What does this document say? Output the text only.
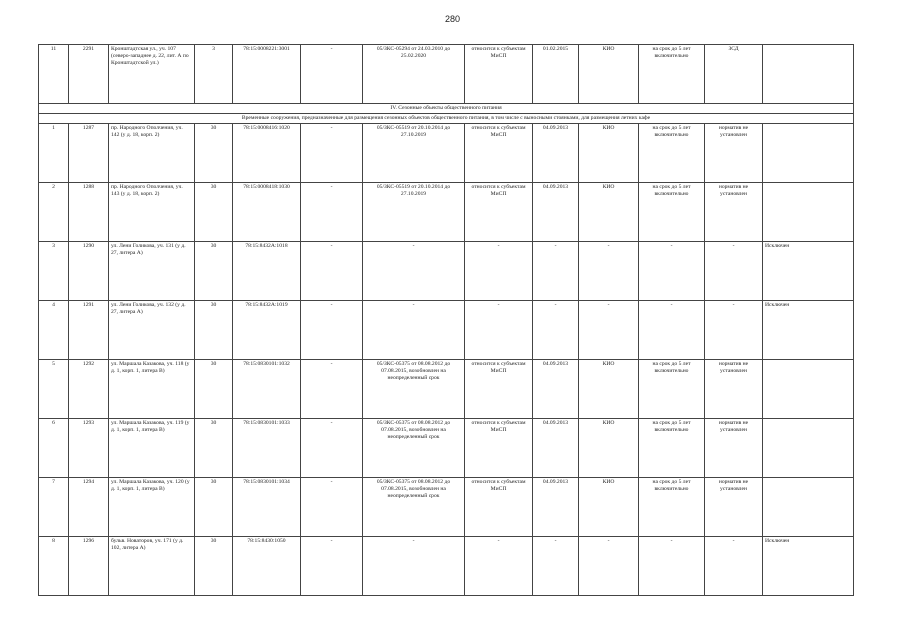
280
11	2291	Кронштадтская ул., уч. 107 (северо-западнее д. 22, лит. А по Кронштадтской ул.)	3	78:15:0008221:3001	-	05/ЗКС-05294 от 24.03.2010 до 25.02.2020	относится к субъектам МиСП	01.02.2015	КИО	на срок до 5 лет включительно	ЗСД	
IV. Сезонные объекты общественного питания												
Временные сооружения, предназначенные для размещения сезонных объектов общественного питания, в том числе с выносными стоянками, для размещения летних кафе												
1	1287	пр. Народного Ополчения, уч. 142 (у д. 18, корп. 2)	30	78:15:0008416:1020	-	05/ЗКС-05519 от 20.10.2014 до 27.10.2019	относится к субъектам МиСП	04.09.2013	КИО	на срок до 5 лет включительно	норматив не установлен	
2	1288	пр. Народного Ополчения, уч. 143 (у д. 18, корп. 2)	30	78:15:0008418:1030	-	05/ЗКС-05519 от 20.10.2014 до 27.10.2019	относится к субъектам МиСП	04.09.2013	КИО	на срок до 5 лет включительно	норматив не установлен	
3	1290	ул. Лени Голикова, уч. 131 (у д. 27, литера А)	30	78:15:8432А:1018	-	-	-	-	-	-	-	Исключен
4	1291	ул. Лени Голикова, уч. 132 (у д. 27, литера А)	30	78:15:8432А:1019	-	-	-	-	-	-	-	Исключен
5	1292	ул. Маршала Казакова, уч. 118 (у д. 1, корп. 1, литера В)	30	78:15:0830101:1032	-	05/ЗКС-05375 от 08.08.2012 до 07.08.2015, возобновлен на неопределенный срок	относится к субъектам МиСП	04.09.2013	КИО	на срок до 5 лет включительно	норматив не установлен	
6	1293	ул. Маршала Казакова, уч. 119 (у д. 1, корп. 1, литера В)	30	78:15:0830101:1033	-	05/ЗКС-05375 от 08.08.2012 до 07.08.2015, возобновлен на неопределенный срок	относится к субъектам МиСП	04.09.2013	КИО	на срок до 5 лет включительно	норматив не установлен	
7	1294	ул. Маршала Казакова, уч. 120 (у д. 1, корп. 1, литера В)	30	78:15:0830101:1034	-	05/ЗКС-05375 от 08.08.2012 до 07.08.2015, возобновлен на неопределенный срок	относится к субъектам МиСП	04.09.2013	КИО	на срок до 5 лет включительно	норматив не установлен	
8	1296	бульв. Новаторов, уч. 171 (у д. 102, литера А)	30	78:15:8430:1050	-	-	-	-	-	-	-	Исключен
